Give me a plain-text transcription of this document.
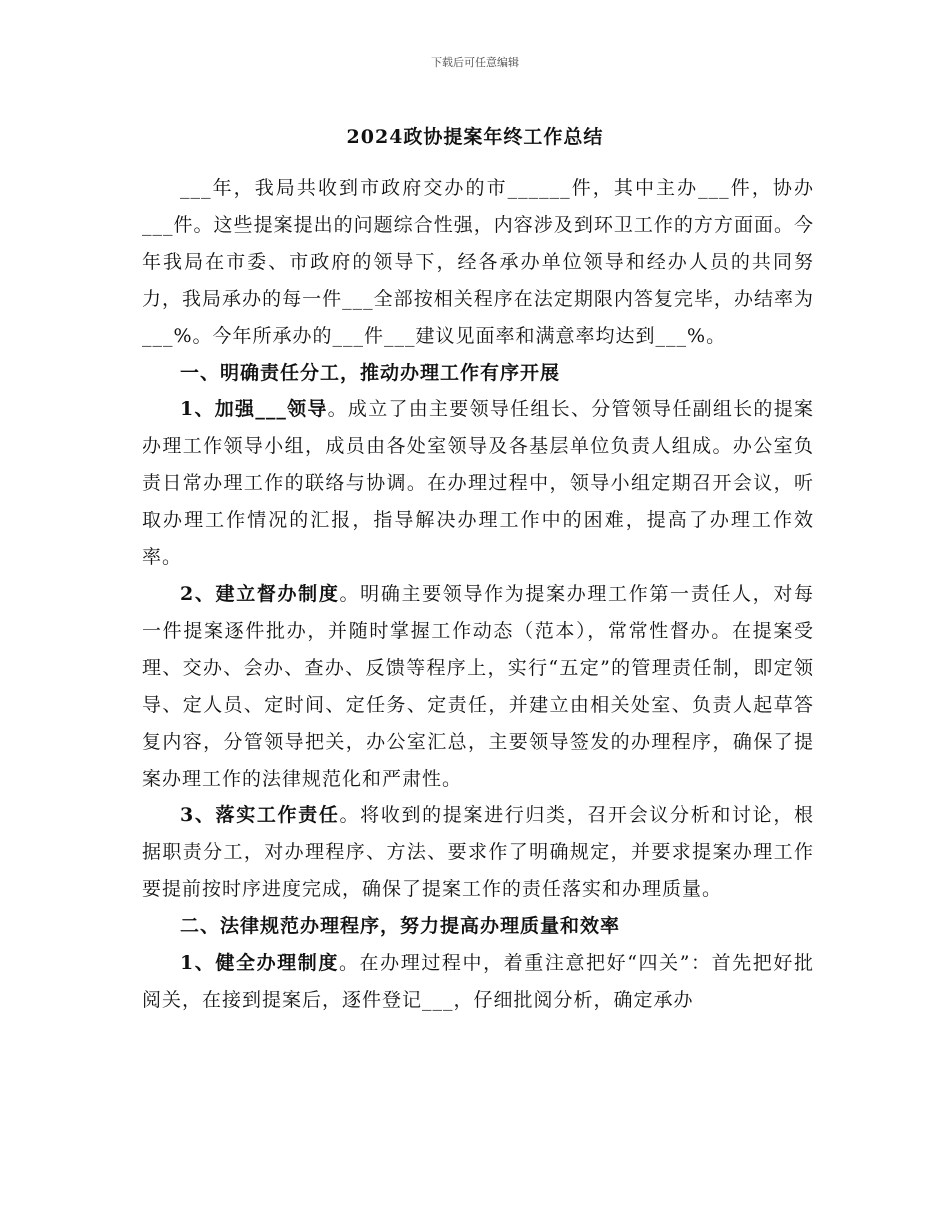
下载后可任意编辑
2024政协提案年终工作总结

___年，我局共收到市政府交办的市______件，其中主办___件，协办___件。这些提案提出的问题综合性强，内容涉及到环卫工作的方方面面。今年我局在市委、市政府的领导下，经各承办单位领导和经办人员的共同努力，我局承办的每一件___全部按相关程序在法定期限内答复完毕，办结率为___%。今年所承办的___件___建议见面率和满意率均达到___%。

一、明确责任分工，推动办理工作有序开展

1、加强___领导。成立了由主要领导任组长、分管领导任副组长的提案办理工作领导小组，成员由各处室领导及各基层单位负责人组成。办公室负责日常办理工作的联络与协调。在办理过程中，领导小组定期召开会议，听取办理工作情况的汇报，指导解决办理工作中的困难，提高了办理工作效率。

2、建立督办制度。明确主要领导作为提案办理工作第一责任人，对每一件提案逐件批办，并随时掌握工作动态（范本），常常性督办。在提案受理、交办、会办、查办、反馈等程序上，实行“五定”的管理责任制，即定领导、定人员、定时间、定任务、定责任，并建立由相关处室、负责人起草答复内容，分管领导把关，办公室汇总，主要领导签发的办理程序，确保了提案办理工作的法律规范化和严肃性。

3、落实工作责任。将收到的提案进行归类，召开会议分析和讨论，根据职责分工，对办理程序、方法、要求作了明确规定，并要求提案办理工作要提前按时序进度完成，确保了提案工作的责任落实和办理质量。

二、法律规范办理程序，努力提高办理质量和效率

1、健全办理制度。在办理过程中，着重注意把好“四关”：首先把好批阅关，在接到提案后，逐件登记___，仔细批阅分析，确定承办
